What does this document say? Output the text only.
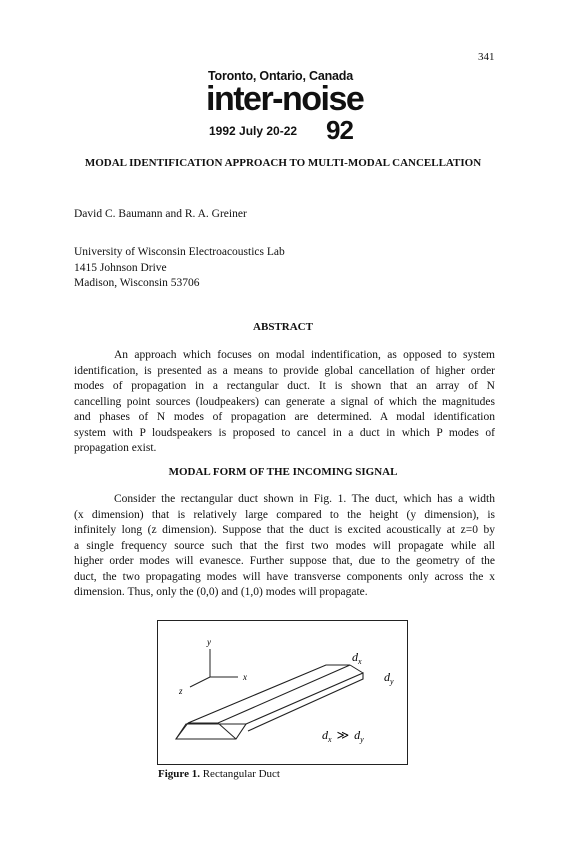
341
Toronto, Ontario, Canada
inter-noise
1992 July 20-22 92
MODAL IDENTIFICATION APPROACH TO MULTI-MODAL CANCELLATION
David C. Baumann and R. A. Greiner
University of Wisconsin Electroacoustics Lab
1415 Johnson Drive
Madison, Wisconsin 53706
ABSTRACT
An approach which focuses on modal indentification, as opposed to system
identification, is presented as a means to provide global cancellation of higher order
modes of propagation in a rectangular duct. It is shown that an array of N
cancelling point sources (loudpeakers) can generate a signal of which the magnitudes
and phases of N modes of propagation are determined. A modal identification
system with P loudspeakers is proposed to cancel in a duct in which P modes of
propagation exist.
MODAL FORM OF THE INCOMING SIGNAL
Consider the rectangular duct shown in Fig. 1. The duct, which has a width
(x dimension) that is relatively large compared to the height (y dimension), is
infinitely long (z dimension). Suppose that the duct is excited acoustically at z=0 by
a single frequency source such that the first two modes will propagate while all
higher order modes will evanesce. Further suppose that, due to the geometry of the
duct, the two propagating modes will have transverse components only across the x
dimension. Thus, only the (0,0) and (1,0) modes will propagate.
y
x
z
$d_x$
$d_y$
$d_x$ ≫ $d_y$
Figure 1. Rectangular Duct
